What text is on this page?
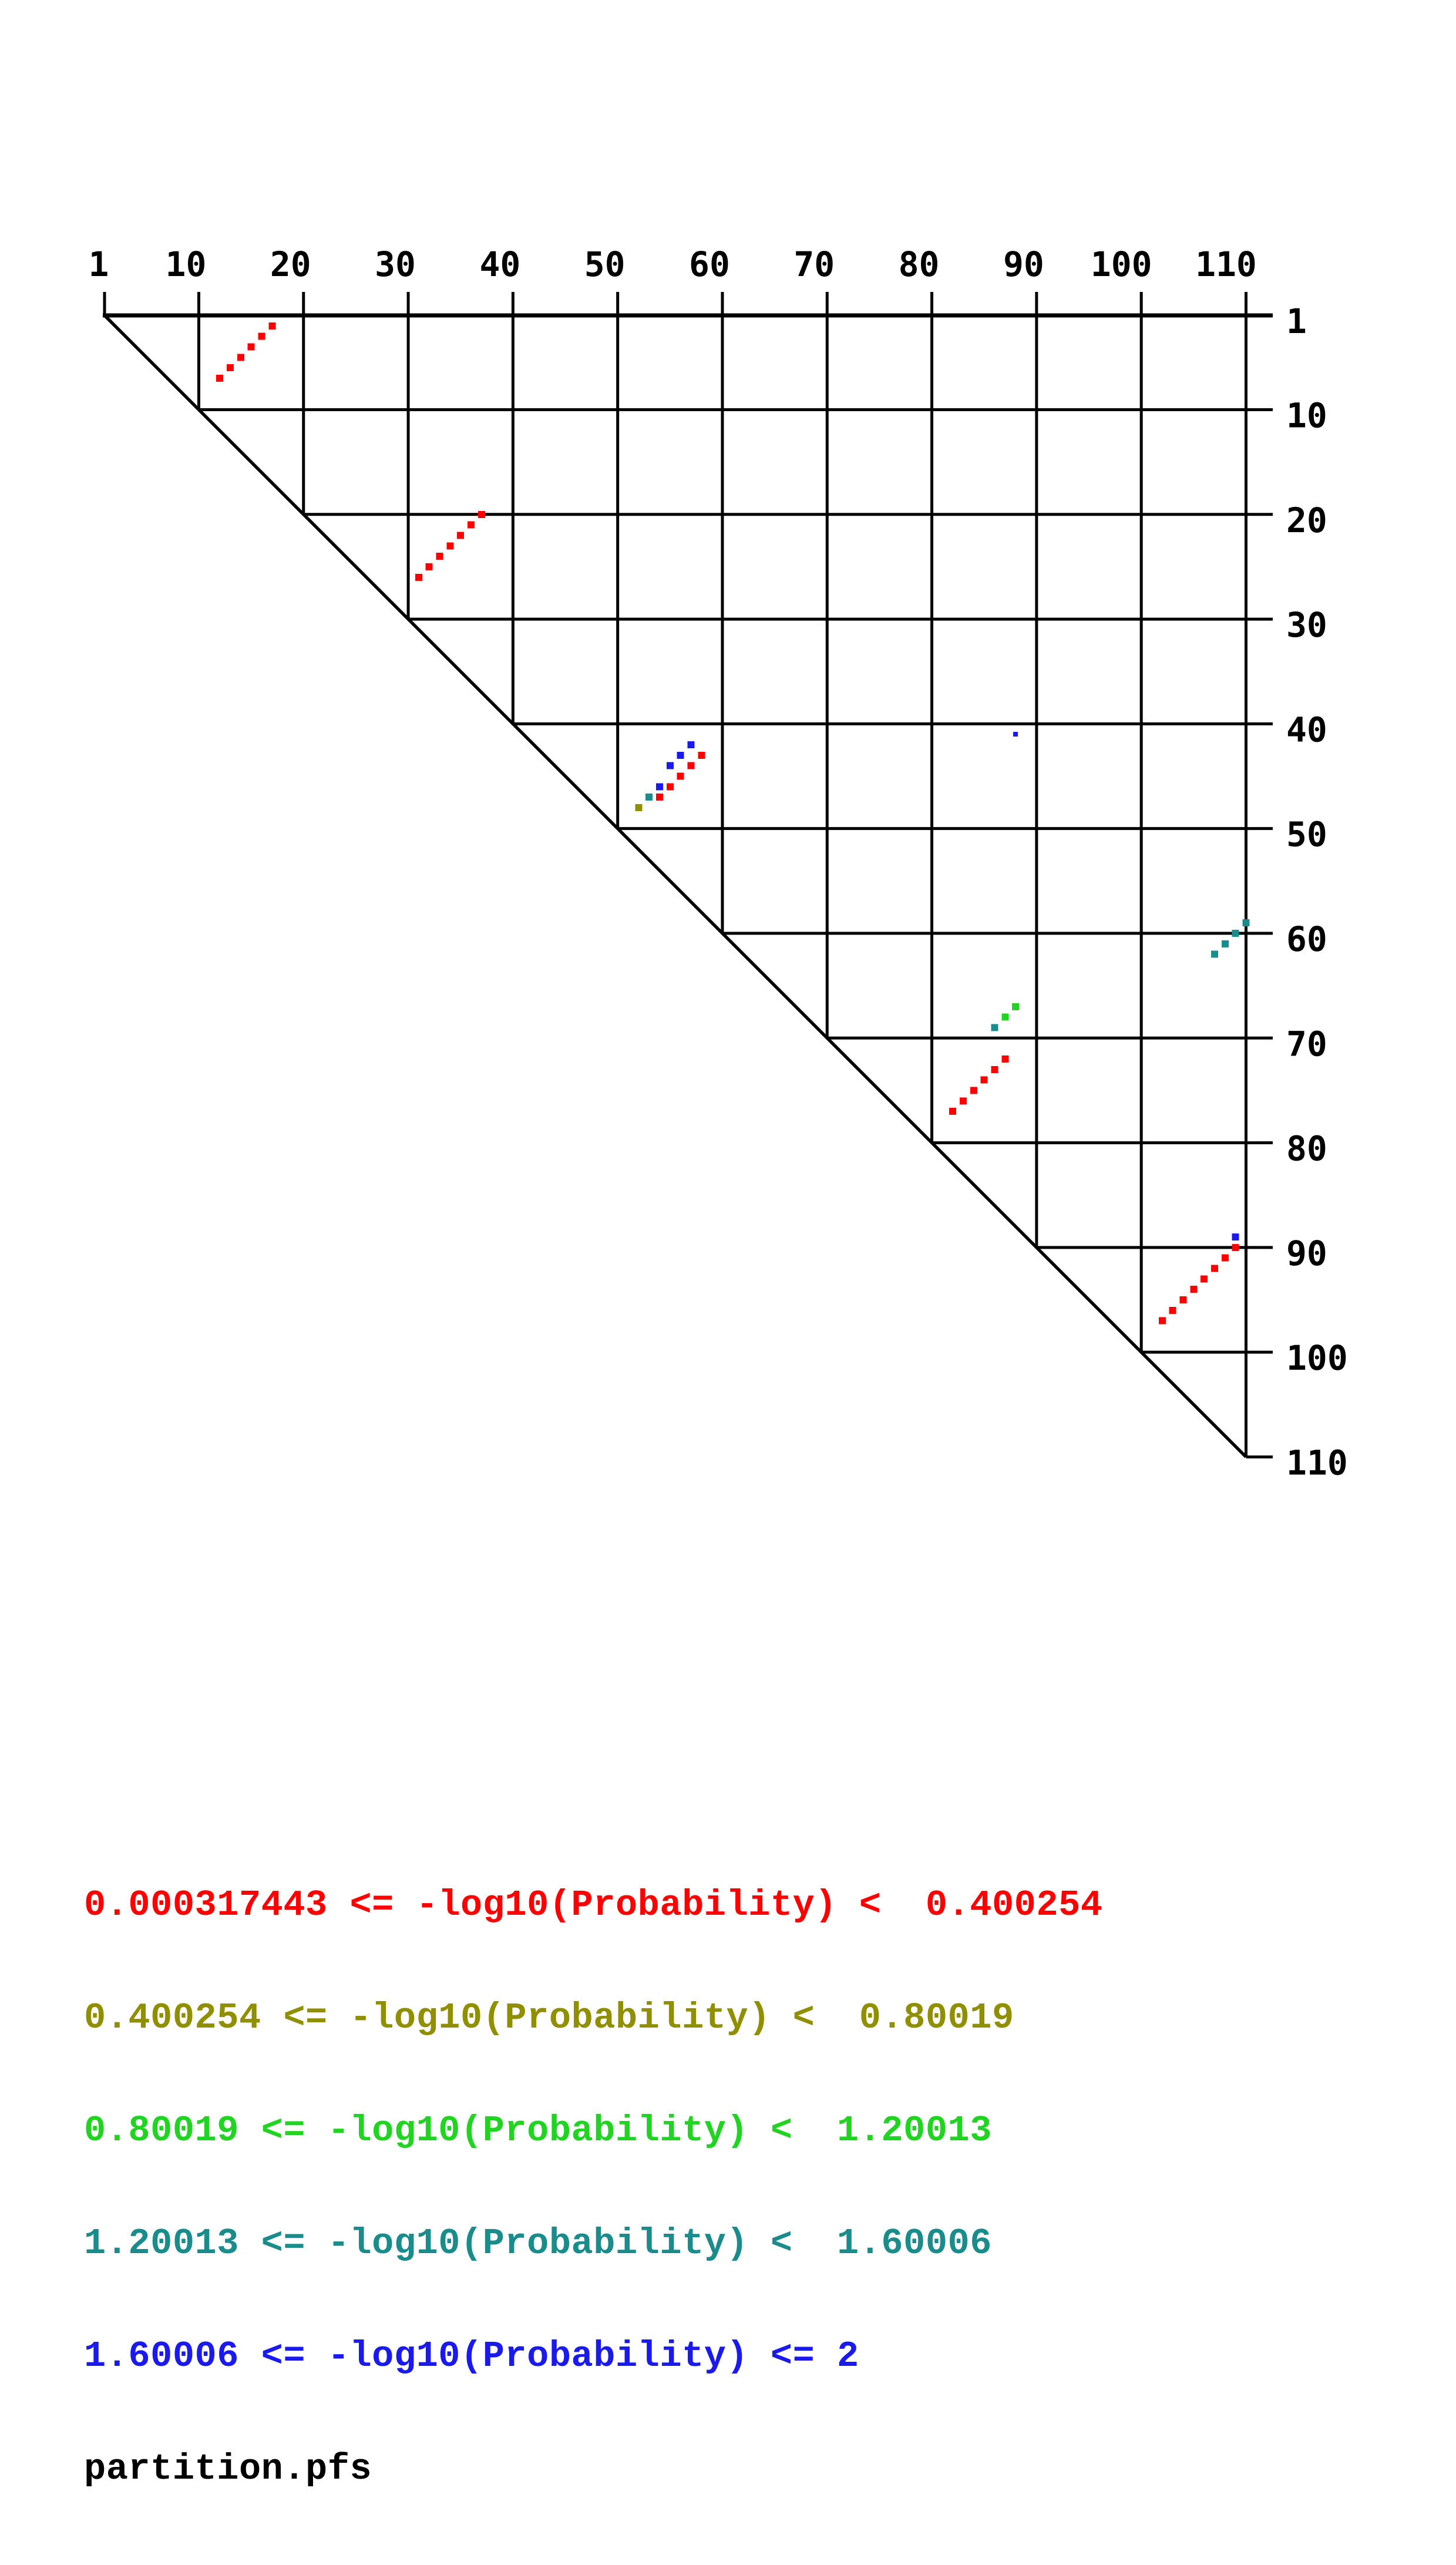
1 10 20 30 40 50 60 70 80 90 100 110
1
10
20
30
40
50
60
70
80
90
100
110

0.000317443 <= -log10(Probability) <  0.400254

0.400254 <= -log10(Probability) <  0.80019

0.80019 <= -log10(Probability) <  1.20013

1.20013 <= -log10(Probability) <  1.60006

1.60006 <= -log10(Probability) <= 2

partition.pfs
